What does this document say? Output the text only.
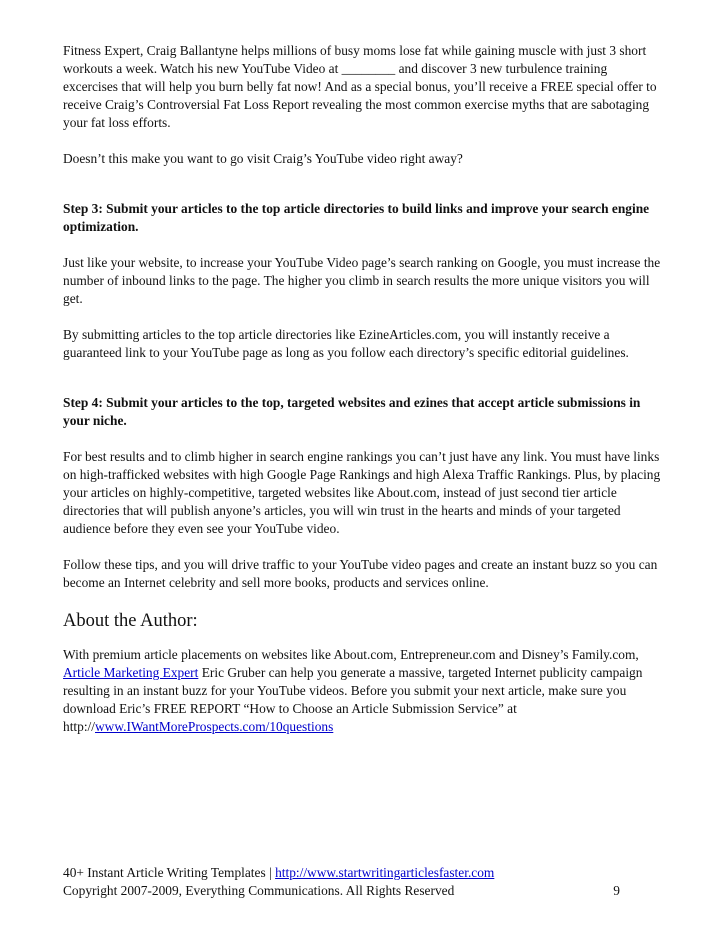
Fitness Expert, Craig Ballantyne helps millions of busy moms lose fat while gaining muscle with just 3 short workouts a week. Watch his new YouTube Video at ________ and discover 3 new turbulence training excercises that will help you burn belly fat now! And as a special bonus, you’ll receive a FREE special offer to receive Craig’s Controversial Fat Loss Report revealing the most common exercise myths that are sabotaging your fat loss efforts.

Doesn’t this make you want to go visit Craig’s YouTube video right away?

Step 3: Submit your articles to the top article directories to build links and improve your search engine optimization.

Just like your website, to increase your YouTube Video page’s search ranking on Google, you must increase the number of inbound links to the page. The higher you climb in search results the more unique visitors you will get.

By submitting articles to the top article directories like EzineArticles.com, you will instantly receive a guaranteed link to your YouTube page as long as you follow each directory’s specific editorial guidelines.

Step 4: Submit your articles to the top, targeted websites and ezines that accept article submissions in your niche.

For best results and to climb higher in search engine rankings you can’t just have any link. You must have links on high-trafficked websites with high Google Page Rankings and high Alexa Traffic Rankings. Plus, by placing your articles on highly-competitive, targeted websites like About.com, instead of just second tier article directories that will publish anyone’s articles, you will win trust in the hearts and minds of your targeted audience before they even see your YouTube video.

Follow these tips, and you will drive traffic to your YouTube video pages and create an instant buzz so you can become an Internet celebrity and sell more books, products and services online.

About the Author:

With premium article placements on websites like About.com, Entrepreneur.com and Disney’s Family.com, Article Marketing Expert Eric Gruber can help you generate a massive, targeted Internet publicity campaign resulting in an instant buzz for your YouTube videos. Before you submit your next article, make sure you download Eric’s FREE REPORT “How to Choose an Article Submission Service” at http://www.IWantMoreProspects.com/10questions

40+ Instant Article Writing Templates | http://www.startwritingarticlesfaster.com
Copyright 2007-2009, Everything Communications. All Rights Reserved	9
